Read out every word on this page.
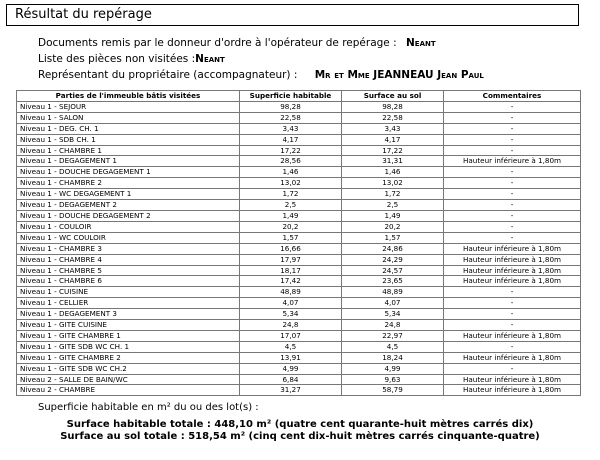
Résultat du repérage
Documents remis par le donneur d'ordre à l'opérateur de repérage : Neant
Liste des pièces non visitées :Neant
Représentant du propriétaire (accompagnateur) : Mr et Mme JEANNEAU Jean Paul
Parties de l'immeuble bâtis visitées	Superficie habitable	Surface au sol	Commentaires
Niveau 1 - SEJOUR	98,28	98,28	-
Niveau 1 - SALON	22,58	22,58	-
Niveau 1 - DEG. CH. 1	3,43	3,43	-
Niveau 1 - SDB CH. 1	4,17	4,17	-
Niveau 1 - CHAMBRE 1	17,22	17,22	-
Niveau 1 - DEGAGEMENT 1	28,56	31,31	Hauteur inférieure à 1,80m
Niveau 1 - DOUCHE DEGAGEMENT 1	1,46	1,46	-
Niveau 1 - CHAMBRE 2	13,02	13,02	-
Niveau 1 - WC DEGAGEMENT 1	1,72	1,72	-
Niveau 1 - DEGAGEMENT 2	2,5	2,5	-
Niveau 1 - DOUCHE DEGAGEMENT 2	1,49	1,49	-
Niveau 1 - COULOIR	20,2	20,2	-
Niveau 1 - WC COULOIR	1,57	1,57	-
Niveau 1 - CHAMBRE 3	16,66	24,86	Hauteur inférieure à 1,80m
Niveau 1 - CHAMBRE 4	17,97	24,29	Hauteur inférieure à 1,80m
Niveau 1 - CHAMBRE 5	18,17	24,57	Hauteur inférieure à 1,80m
Niveau 1 - CHAMBRE 6	17,42	23,65	Hauteur inférieure à 1,80m
Niveau 1 - CUISINE	48,89	48,89	-
Niveau 1 - CELLIER	4,07	4,07	-
Niveau 1 - DEGAGEMENT 3	5,34	5,34	-
Niveau 1 - GITE CUISINE	24,8	24,8	-
Niveau 1 - GITE CHAMBRE 1	17,07	22,97	Hauteur inférieure à 1,80m
Niveau 1 - GITE SDB WC CH. 1	4,5	4,5	-
Niveau 1 - GITE CHAMBRE 2	13,91	18,24	Hauteur inférieure à 1,80m
Niveau 1 - GITE SDB WC CH.2	4,99	4,99	-
Niveau 2 - SALLE DE BAIN/WC	6,84	9,63	Hauteur inférieure à 1,80m
Niveau 2 - CHAMBRE	31,27	58,79	Hauteur inférieure à 1,80m
Superficie habitable en m² du ou des lot(s) :
Surface habitable totale : 448,10 m² (quatre cent quarante-huit mètres carrés dix)
Surface au sol totale : 518,54 m² (cinq cent dix-huit mètres carrés cinquante-quatre)
